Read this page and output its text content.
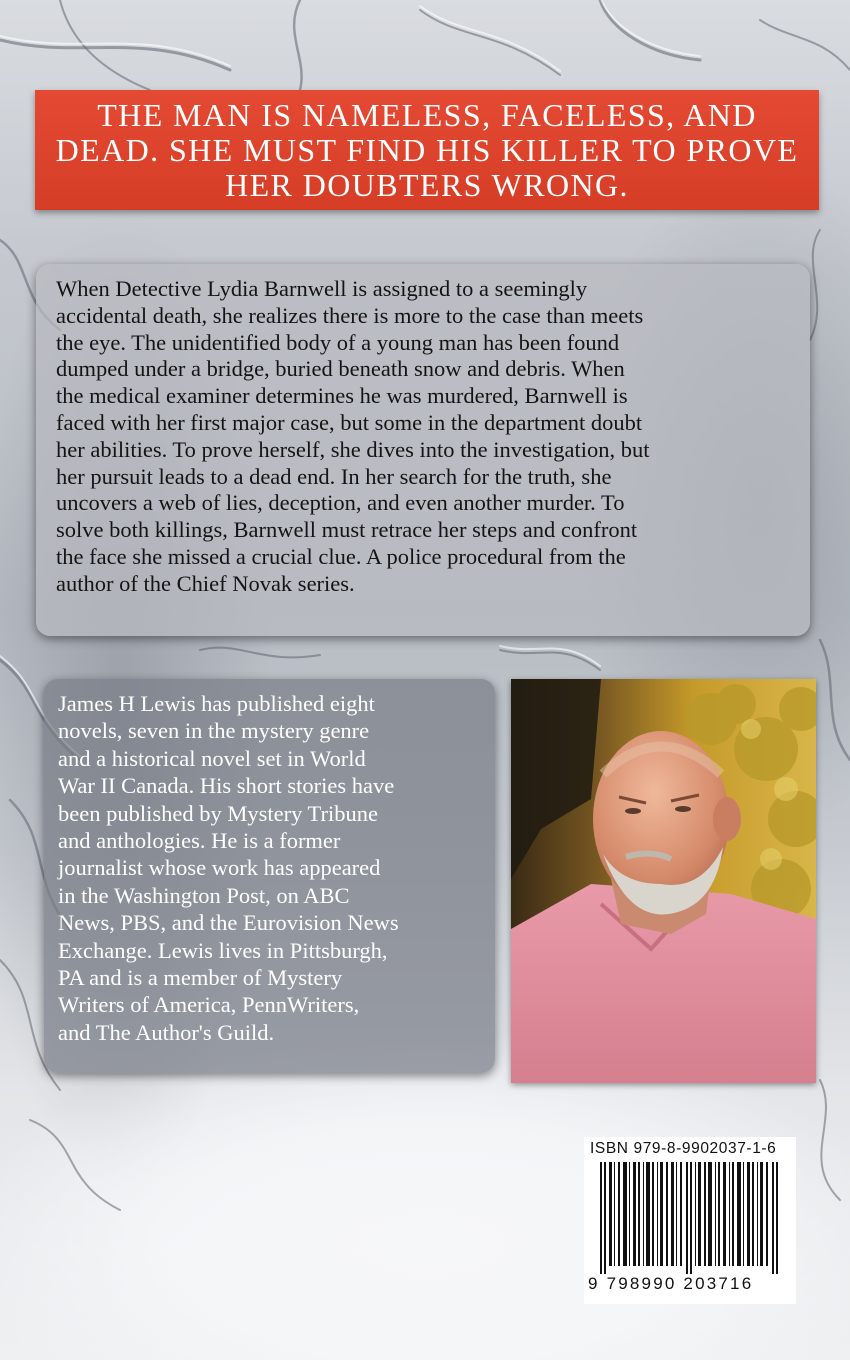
THE MAN IS NAMELESS, FACELESS, AND
DEAD. SHE MUST FIND HIS KILLER TO PROVE
HER DOUBTERS WRONG.

When Detective Lydia Barnwell is assigned to a seemingly
accidental death, she realizes there is more to the case than meets
the eye. The unidentified body of a young man has been found
dumped under a bridge, buried beneath snow and debris. When
the medical examiner determines he was murdered, Barnwell is
faced with her first major case, but some in the department doubt
her abilities. To prove herself, she dives into the investigation, but
her pursuit leads to a dead end. In her search for the truth, she
uncovers a web of lies, deception, and even another murder. To
solve both killings, Barnwell must retrace her steps and confront
the face she missed a crucial clue. A police procedural from the
author of the Chief Novak series.

James H Lewis has published eight
novels, seven in the mystery genre
and a historical novel set in World
War II Canada. His short stories have
been published by Mystery Tribune
and anthologies. He is a former
journalist whose work has appeared
in the Washington Post, on ABC
News, PBS, and the Eurovision News
Exchange. Lewis lives in Pittsburgh,
PA and is a member of Mystery
Writers of America, PennWriters,
and The Author's Guild.

ISBN 979-8-9902037-1-6
9 798990 203716
